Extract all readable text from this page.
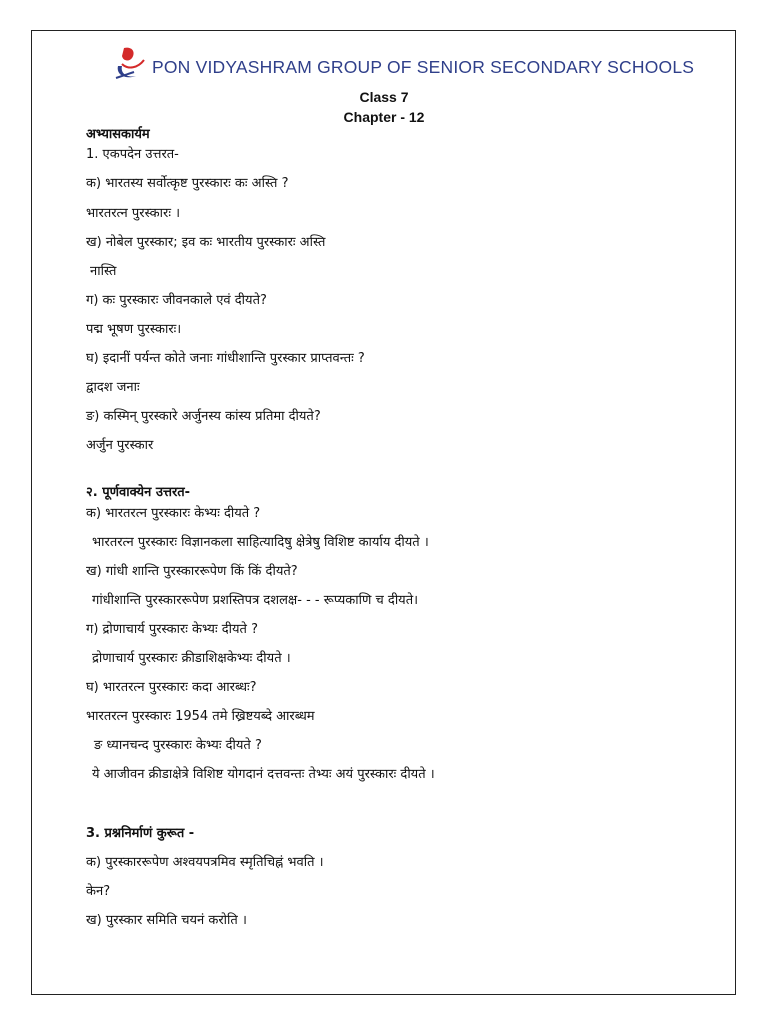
PON VIDYASHRAM GROUP OF SENIOR SECONDARY SCHOOLS
Class 7
Chapter - 12
अभ्यासकार्यम
1. एकपदेन उत्तरत-
क) भारतस्य सर्वोत्कृष्ट पुरस्कारः कः अस्ति ?
भारतरत्न पुरस्कारः ।
ख) नोबेल पुरस्कार; इव कः भारतीय पुरस्कारः अस्ति
नास्ति
ग) कः पुरस्कारः जीवनकाले एवं दीयते?
पद्म भूषण पुरस्कारः।
घ) इदानीं पर्यन्त कोते जनाः गांधीशान्ति पुरस्कार प्राप्तवन्तः ?
द्वादश जनाः
ङ) कस्मिन् पुरस्कारे अर्जुनस्य कांस्य प्रतिमा दीयते?
अर्जुन पुरस्कार
२. पूर्णवाक्येन उत्तरत-
क) भारतरत्न पुरस्कारः केभ्यः दीयते ?
भारतरत्न पुरस्कारः विज्ञानकला साहित्यादिषु क्षेत्रेषु विशिष्ट कार्याय दीयते ।
ख) गांधी शान्ति पुरस्काररूपेण किं किं दीयते?
गांधीशान्ति पुरस्काररूपेण प्रशस्तिपत्र दशलक्ष- - - रूप्यकाणि च दीयते।
ग) द्रोणाचार्य पुरस्कारः केभ्यः दीयते ?
द्रोणाचार्य पुरस्कारः क्रीडाशिक्षकेभ्यः दीयते ।
घ) भारतरत्न पुरस्कारः कदा आरब्धः?
भारतरत्न पुरस्कारः 1954 तमे ख्रिष्टयब्दे आरब्धम
ङ ध्यानचन्द पुरस्कारः केभ्यः दीयते ?
ये आजीवन क्रीडाक्षेत्रे विशिष्ट योगदानं दत्तवन्तः तेभ्यः अयं पुरस्कारः दीयते ।
3. प्रश्ननिर्माणं कुरूत -
क) पुरस्काररूपेण अश्वयपत्रमिव स्मृतिचिह्नं भवति ।
केन?
ख) पुरस्कार समिति चयनं करोति ।
